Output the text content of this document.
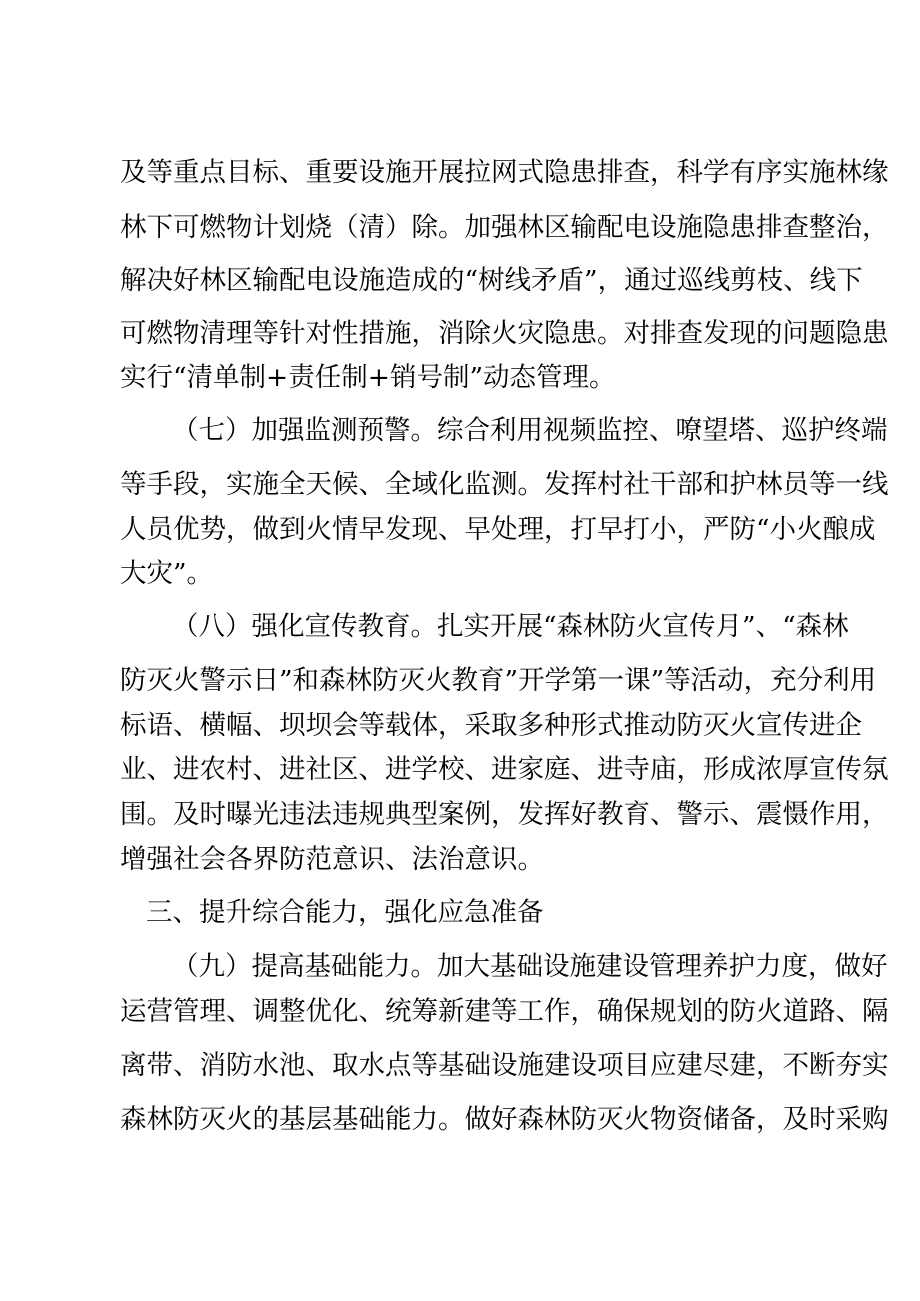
及等重点目标、重要设施开展拉网式隐患排查，科学有序实施林缘

林下可燃物计划烧（清）除。加强林区输配电设施隐患排查整治，

解决好林区输配电设施造成的“树线矛盾”，通过巡线剪枝、线下

可燃物清理等针对性措施，消除火灾隐患。对排查发现的问题隐患

实行“清单制+责任制+销号制”动态管理。

（七）加强监测预警。综合利用视频监控、嘹望塔、巡护终端

等手段，实施全天候、全域化监测。发挥村社干部和护林员等一线

人员优势，做到火情早发现、早处理，打早打小，严防“小火酿成

大灾”。

（八）强化宣传教育。扎实开展“森林防火宣传月”、“森林

防灭火警示日”和森林防灭火教育”开学第一课”等活动，充分利用

标语、横幅、坝坝会等载体，采取多种形式推动防灭火宣传进企

业、进农村、进社区、进学校、进家庭、进寺庙，形成浓厚宣传氛

围。及时曝光违法违规典型案例，发挥好教育、警示、震慑作用，

增强社会各界防范意识、法治意识。

三、提升综合能力，强化应急准备

（九）提高基础能力。加大基础设施建设管理养护力度，做好

运营管理、调整优化、统筹新建等工作，确保规划的防火道路、隔

离带、消防水池、取水点等基础设施建设项目应建尽建，不断夯实

森林防灭火的基层基础能力。做好森林防灭火物资储备，及时采购
